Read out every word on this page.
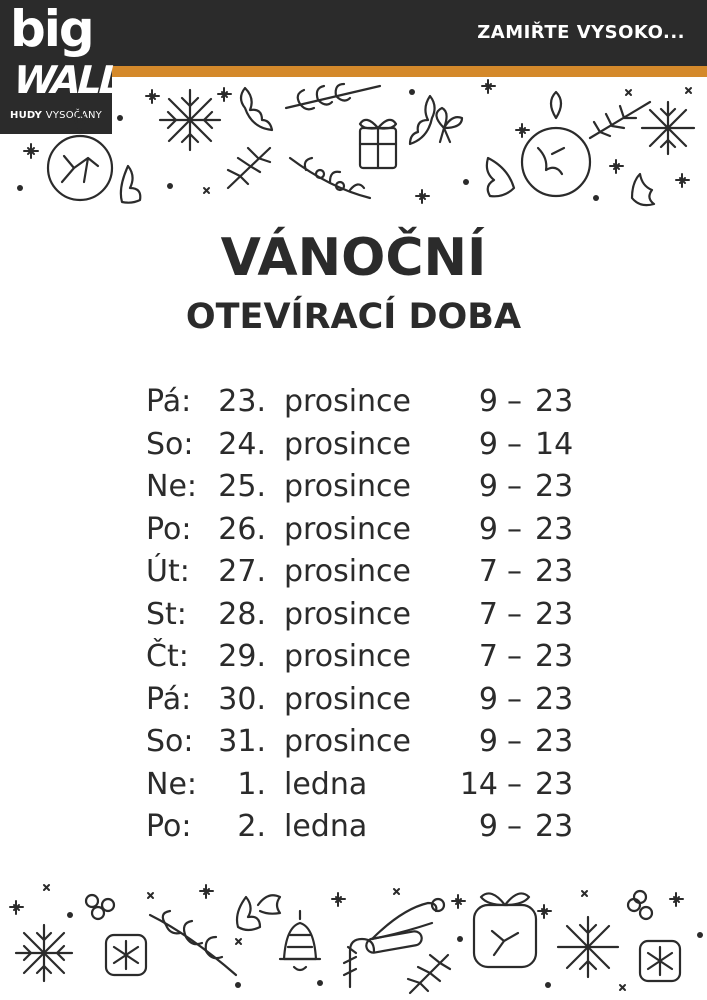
big
WALL
HUDY VYSOČANY
ZAMIŘTE VYSOKO...
VÁNOČNÍ
OTEVÍRACÍ DOBA
Pá: 23. prosince	9 – 23
So: 24. prosince	9 – 14
Ne: 25. prosince	9 – 23
Po: 26. prosince	9 – 23
Út: 27. prosince	7 – 23
St:	28. prosince	7 – 23
Čt: 29. prosince	7 – 23
Pá: 30. prosince	9 – 23
So: 31. prosince	9 – 23
Ne:	1. ledna	14 – 23
Po:	2. ledna	9 – 23
